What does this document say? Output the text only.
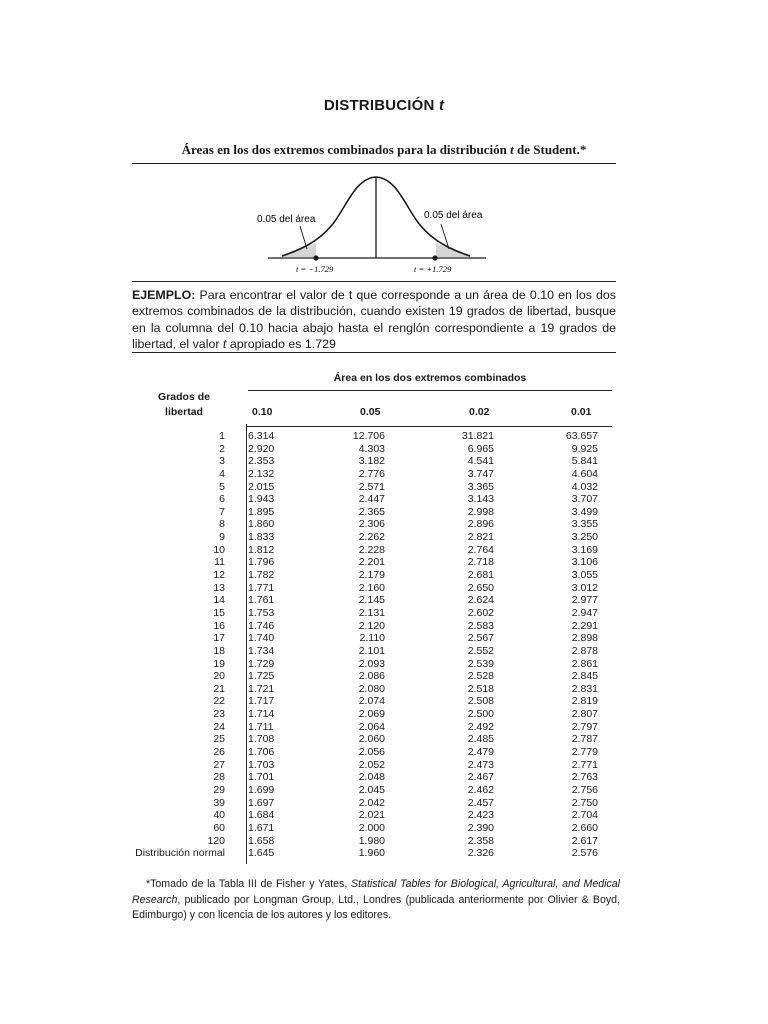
DISTRIBUCIÓN t
Áreas en los dos extremos combinados para la distribución t de Student.*
0.05 del área	0.05 del área
t = −1.729	t = +1.729
EJEMPLO: Para encontrar el valor de t que corresponde a un área de 0.10 en los dos extremos combinados de la distribución, cuando existen 19 grados de libertad, busque en la columna del 0.10 hacia abajo hasta el renglón correspondiente a 19 grados de libertad, el valor t apropiado es 1.729
Área en los dos extremos combinados
Grados de
libertad	0.10	0.05	0.02	0.01
1 6.314	12.706	31.821	63.657
2 2.920	4.303	6.965	9.925
3 2.353	3.182	4.541	5.841
4 2.132	2.776	3.747	4.604
5 2.015	2.571	3.365	4.032
6 1.943	2.447	3.143	3.707
7 1.895	2.365	2.998	3.499
8 1.860	2.306	2.896	3.355
9 1.833	2.262	2.821	3.250
10 1.812	2.228	2.764	3.169
11 1.796	2.201	2.718	3.106
12 1.782	2.179	2.681	3.055
13 1.771	2.160	2.650	3.012
14 1.761	2.145	2.624	2.977
15 1.753	2.131	2.602	2.947
16 1.746	2.120	2.583	2.291
17 1.740	2.110	2.567	2.898
18 1.734	2.101	2.552	2.878
19 1.729	2.093	2.539	2.861
20 1.725	2.086	2.528	2.845
21 1.721	2.080	2.518	2.831
22 1.717	2.074	2.508	2.819
23 1.714	2.069	2.500	2.807
24 1.711	2.064	2.492	2.797
25 1.708	2.060	2.485	2.787
26 1.706	2.056	2.479	2.779
27 1.703	2.052	2.473	2.771
28 1.701	2.048	2.467	2.763
29 1.699	2.045	2.462	2.756
39 1.697	2.042	2.457	2.750
40 1.684	2.021	2.423	2.704
60 1.671	2.000	2.390	2.660
120 1.658	1.980	2.358	2.617
Distribución normal 1.645	1.960	2.326	2.576
*Tomado de la Tabla III de Fisher y Yates, Statistical Tables for Biological, Agricultural, and Medical Research, publicado por Longman Group, Ltd., Londres (publicada anteriormente por Olivier & Boyd, Edimburgo) y con licencia de los autores y los editores.
